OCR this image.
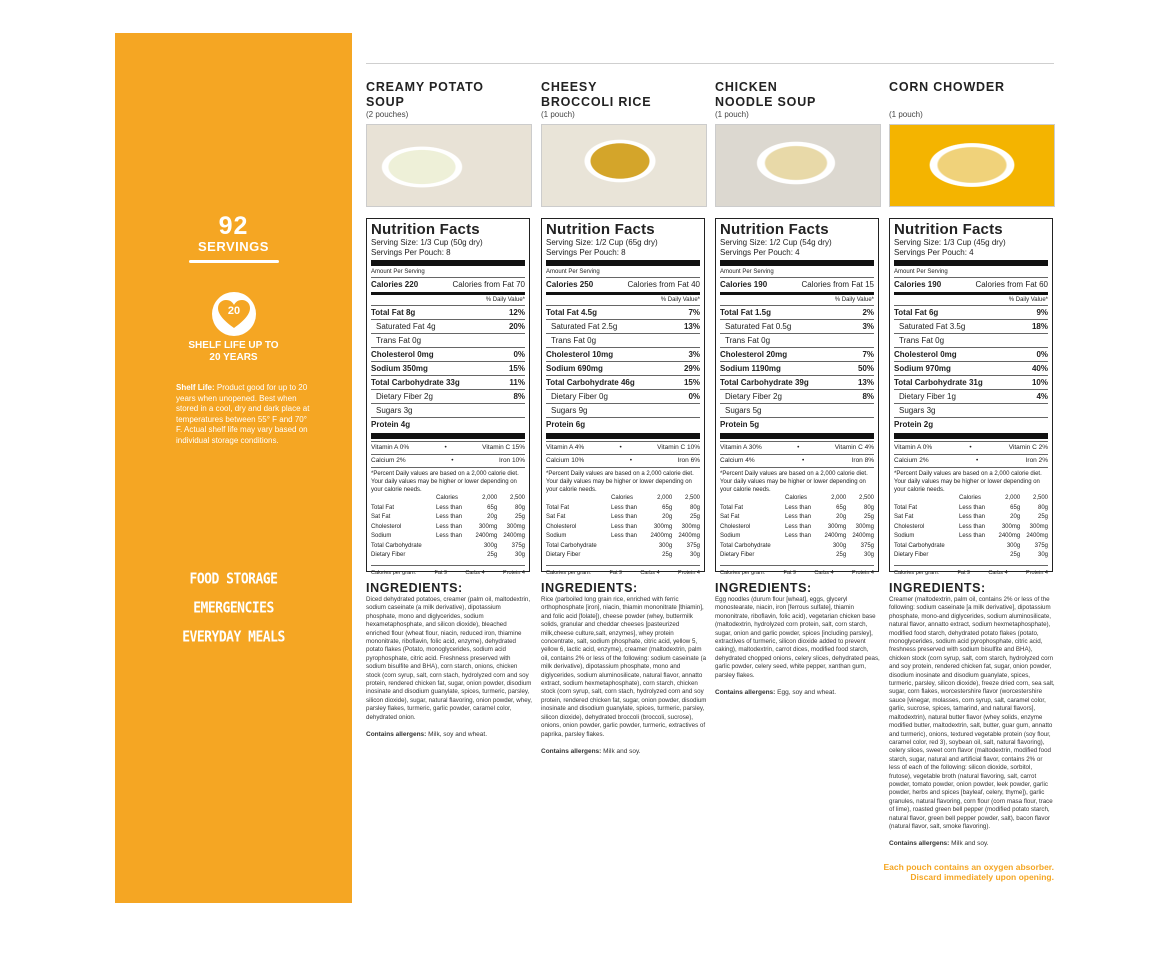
92
SERVINGS
20
SHELF LIFE UP TO
20 YEARS
Shelf Life: Product good for up to 20 years when unopened. Best when stored in a cool, dry and dark place at temperatures between 55° F and 70° F. Actual shelf life may vary based on individual storage conditions.
FOOD STORAGE
EMERGENCIES
EVERYDAY MEALS
CREAMY POTATO
SOUP
(2 pouches)
Nutrition Facts
Serving Size: 1/3 Cup (50g dry)
Servings Per Pouch: 8
Amount Per Serving
Calories 220	Calories from Fat 70
% Daily Value*
Total Fat 8g	12%
Saturated Fat 4g	20%
Trans Fat 0g
Cholesterol 0mg	0%
Sodium 350mg	15%
Total Carbohydrate 33g	11%
Dietary Fiber 2g	8%
Sugars 3g
Protein 4g
Vitamin A 0%	•	Vitamin C 15%
Calcium 2%	•	Iron 10%
*Percent Daily values are based on a 2,000 calorie diet. Your daily values may be higher or lower depending on your calorie needs.
	Calories	2,000	2,500
Total Fat	Less than	65g	80g
Sat Fat	Less than	20g	25g
Cholesterol	Less than	300mg	300mg
Sodium	Less than	2400mg	2400mg
Total Carbohydrate		300g	375g
Dietary Fiber		25g	30g
Calories per gram:	Fat 9	Carbs 4	Protein 4
INGREDIENTS:
Diced dehydrated potatoes, creamer (palm oil, maltodextrin, sodium caseinate (a milk derivative), dipotassium phosphate, mono and diglycerides, sodium hexametaphosphate, and silicon dioxide), bleached enriched flour (wheat flour, niacin, reduced iron, thiamine mononitrate, riboflavin, folic acid, enzyme), dehydrated potato flakes (Potato, monoglycerides, sodium acid pyrophosphate, citric acid. Freshness preserved with sodium bisulfite and BHA), corn starch, onions, chicken stock (corn syrup, salt, corn stach, hydrolyzed corn and soy protein, rendered chicken fat, sugar, onion powder, disodium inosinate and disodium guanylate, spices, turmeric, parsley, silicon dioxide), sugar, natural flavoring, onion powder, whey, parsley flakes, turmeric, garlic powder, caramel color, dehydrated onion.
Contains allergens: Milk, soy and wheat.
CHEESY
BROCCOLI RICE
(1 pouch)
Nutrition Facts
Serving Size: 1/2 Cup (65g dry)
Servings Per Pouch: 8
Amount Per Serving
Calories 250	Calories from Fat 40
% Daily Value*
Total Fat 4.5g	7%
Saturated Fat 2.5g	13%
Trans Fat 0g
Cholesterol 10mg	3%
Sodium 690mg	29%
Total Carbohydrate 46g	15%
Dietary Fiber 0g	0%
Sugars 9g
Protein 6g
Vitamin A 4%	•	Vitamin C 10%
Calcium 10%	•	Iron 6%
*Percent Daily values are based on a 2,000 calorie diet. Your daily values may be higher or lower depending on your calorie needs.
	Calories	2,000	2,500
Total Fat	Less than	65g	80g
Sat Fat	Less than	20g	25g
Cholesterol	Less than	300mg	300mg
Sodium	Less than	2400mg	2400mg
Total Carbohydrate		300g	375g
Dietary Fiber		25g	30g
Calories per gram:	Fat 9	Carbs 4	Protein 4
INGREDIENTS:
Rice (parboiled long grain rice, enriched with ferric orthophosphate [iron], niacin, thiamin mononitrate [thiamin], and folic acid [folate]), cheese powder (whey, buttermilk solids, granular and cheddar cheeses [pasteurized milk,cheese culture,salt, enzymes], whey protein concentrate, salt, sodium phosphate, citric acid, yellow 5, yellow 6, lactic acid, enzyme), creamer (maltodextrin, palm oil, contains 2% or less of the following: sodium caseinate (a milk derivative), dipotassium phosphate, mono and diglycerides, sodium aluminosilicate, natural flavor, annatto extract, sodium hexmetaphosphate), corn starch, chicken stock (corn syrup, salt, corn stach, hydrolyzed corn and soy protein, rendered chicken fat, sugar, onion powder, disodium inosinate and disodium guanylate, spices, turmeric, parsley, silicon dioxide), dehydrated broccoli (broccoli, sucrose), onions, onion powder, garlic powder, turmeric, extractives of paprika, parsley flakes.
Contains allergens: Milk and soy.
CHICKEN
NOODLE SOUP
(1 pouch)
Nutrition Facts
Serving Size: 1/2 Cup (54g dry)
Servings Per Pouch: 4
Amount Per Serving
Calories 190	Calories from Fat 15
% Daily Value*
Total Fat 1.5g	2%
Saturated Fat 0.5g	3%
Trans Fat 0g
Cholesterol 20mg	7%
Sodium 1190mg	50%
Total Carbohydrate 39g	13%
Dietary Fiber 2g	8%
Sugars 5g
Protein 5g
Vitamin A 30%	•	Vitamin C 4%
Calcium 4%	•	Iron 8%
*Percent Daily values are based on a 2,000 calorie diet. Your daily values may be higher or lower depending on your calorie needs.
	Calories	2,000	2,500
Total Fat	Less than	65g	80g
Sat Fat	Less than	20g	25g
Cholesterol	Less than	300mg	300mg
Sodium	Less than	2400mg	2400mg
Total Carbohydrate		300g	375g
Dietary Fiber		25g	30g
Calories per gram:	Fat 9	Carbs 4	Protein 4
INGREDIENTS:
Egg noodles (durum flour [wheat], eggs, glyceryl monostearate, niacin, iron [ferrous sulfate], thiamin mononitrate, riboflavin, folic acid), vegetarian chicken base (maltodextrin, hydrolyzed corn protein, salt, corn starch, sugar, onion and garlic powder, spices [including parsley], extractives of turmeric, silicon dioxide added to prevent caking), maltodextrin, carrot dices, modified food starch, dehydrated chopped onions, celery slices, dehydrated peas, garlic powder, celery seed, white pepper, xanthan gum, parsley flakes.
Contains allergens: Egg, soy and wheat.
CORN CHOWDER
(1 pouch)
Nutrition Facts
Serving Size: 1/3 Cup (45g dry)
Servings Per Pouch: 4
Amount Per Serving
Calories 190	Calories from Fat 60
% Daily Value*
Total Fat 6g	9%
Saturated Fat 3.5g	18%
Trans Fat 0g
Cholesterol 0mg	0%
Sodium 970mg	40%
Total Carbohydrate 31g	10%
Dietary Fiber 1g	4%
Sugars 3g
Protein 2g
Vitamin A 0%	•	Vitamin C 2%
Calcium 2%	•	Iron 2%
*Percent Daily values are based on a 2,000 calorie diet. Your daily values may be higher or lower depending on your calorie needs.
	Calories	2,000	2,500
Total Fat	Less than	65g	80g
Sat Fat	Less than	20g	25g
Cholesterol	Less than	300mg	300mg
Sodium	Less than	2400mg	2400mg
Total Carbohydrate		300g	375g
Dietary Fiber		25g	30g
Calories per gram:	Fat 9	Carbs 4	Protein 4
INGREDIENTS:
Creamer (maltodextrin, palm oil, contains 2% or less of the following: sodium caseinate [a milk derivative], dipotassium phosphate, mono-and diglycerides, sodium aluminosilicate, natural flavor, annatto extract, sodium hexmetaphosphate), modified food starch, dehydrated potato flakes (potato, monoglycerides, sodium acid pyrophosphate, citric acid, freshness preserved with sodium bisulfite and BHA), chicken stock (corn syrup, salt, corn starch, hydrolyzed corn and soy protein, rendered chicken fat, sugar, onion powder, disodium inosinate and disodium guanylate, spices, turmeric, parsley, silicon dioxide), freeze dried corn, sea salt, sugar, corn flakes, worcestershire flavor (worcestershire sauce [vinegar, molasses, corn syrup, salt, caramel color, garlic, sucrose, spices, tamarind, and natural flavors], maltodextrin), natural butter flavor (whey solids, enzyme modified butter, maltodextrin, salt, butter, guar gum, annatto and turmeric), onions, textured vegetable protein (soy flour, caramel color, red 3), soybean oil, salt, natural flavoring), celery slices, sweet corn flavor (maltodextrin, modified food starch, sugar, natural and artificial flavor, contains 2% or less of each of the following: silicon dioxide, sorbitol, frutose), vegetable broth (natural flavoring, salt, carrot powder, tomato powder, onion powder, leek powder, garlic powder, herbs and spices [bayleaf, celery, thyme]), garlic granules, natural flavoring, corn flour (corn masa flour, trace of lime), roasted green bell pepper (modified potato starch, natural flavor, green bell pepper powder, salt), bacon flavor (natural flavor, salt, smoke flavoring).
Contains allergens: Milk and soy.
Each pouch contains an oxygen absorber.
Discard immediately upon opening.
